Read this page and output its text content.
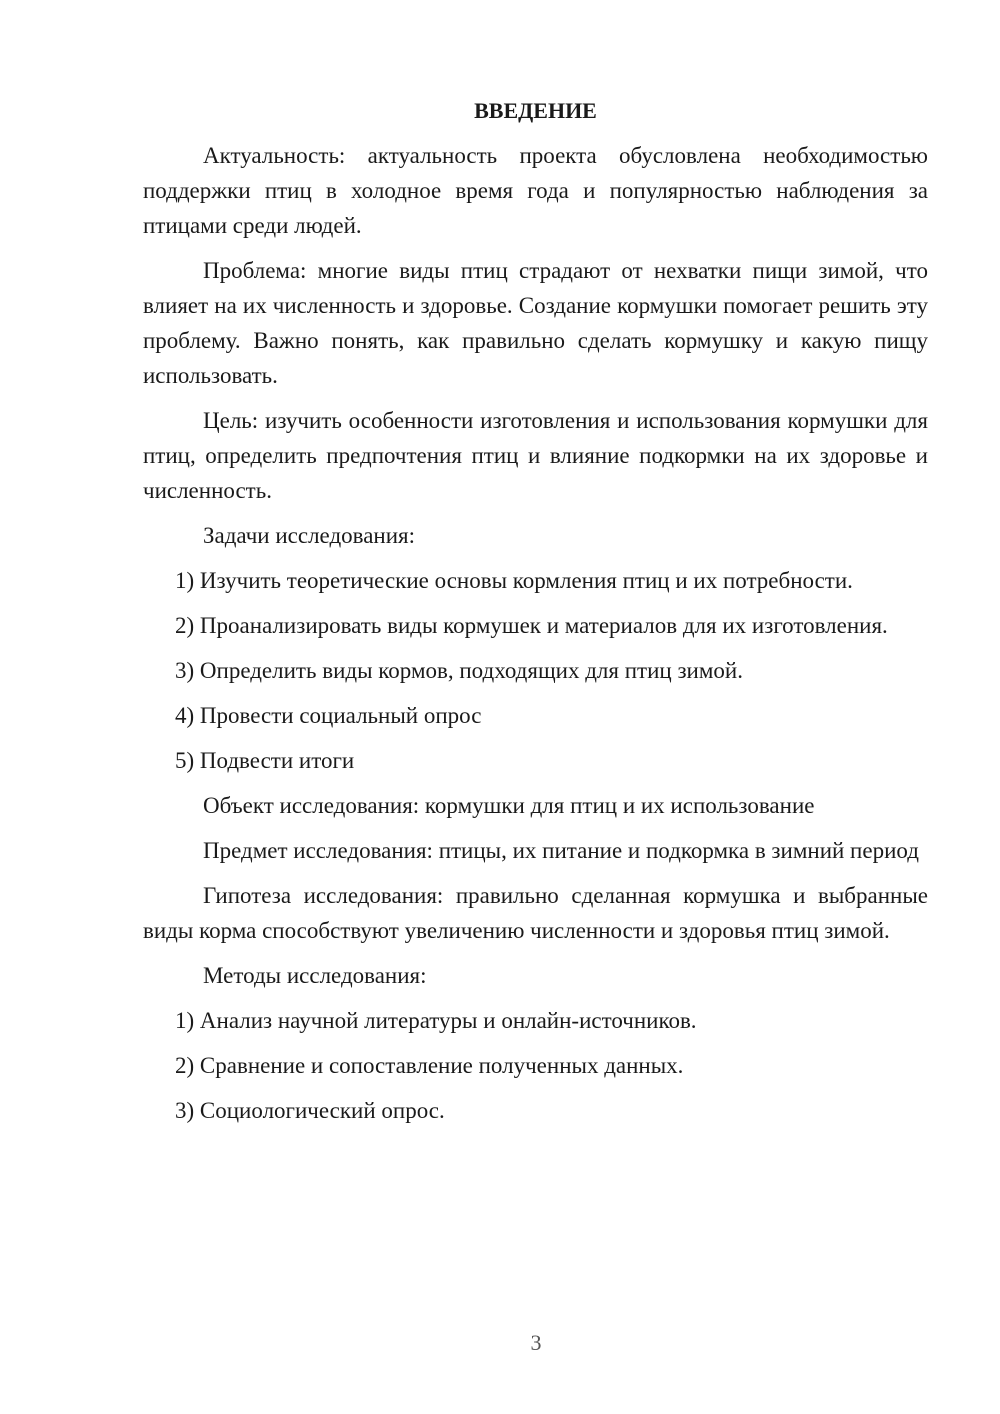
ВВЕДЕНИЕ

Актуальность: актуальность проекта обусловлена необходимостью поддержки птиц в холодное время года и популярностью наблюдения за птицами среди людей.

Проблема: многие виды птиц страдают от нехватки пищи зимой, что влияет на их численность и здоровье. Создание кормушки помогает решить эту проблему. Важно понять, как правильно сделать кормушку и какую пищу использовать.

Цель: изучить особенности изготовления и использования кормушки для птиц, определить предпочтения птиц и влияние подкормки на их здоровье и численность.

Задачи исследования:

1) Изучить теоретические основы кормления птиц и их потребности.

2) Проанализировать виды кормушек и материалов для их изготовления.

3) Определить виды кормов, подходящих для птиц зимой.

4) Провести социальный опрос

5) Подвести итоги

Объект исследования: кормушки для птиц и их использование

Предмет исследования: птицы, их питание и подкормка в зимний период

Гипотеза исследования: правильно сделанная кормушка и выбранные виды корма способствуют увеличению численности и здоровья птиц зимой.

Методы исследования:

1) Анализ научной литературы и онлайн-источников.

2) Сравнение и сопоставление полученных данных.

3) Социологический опрос.

3
